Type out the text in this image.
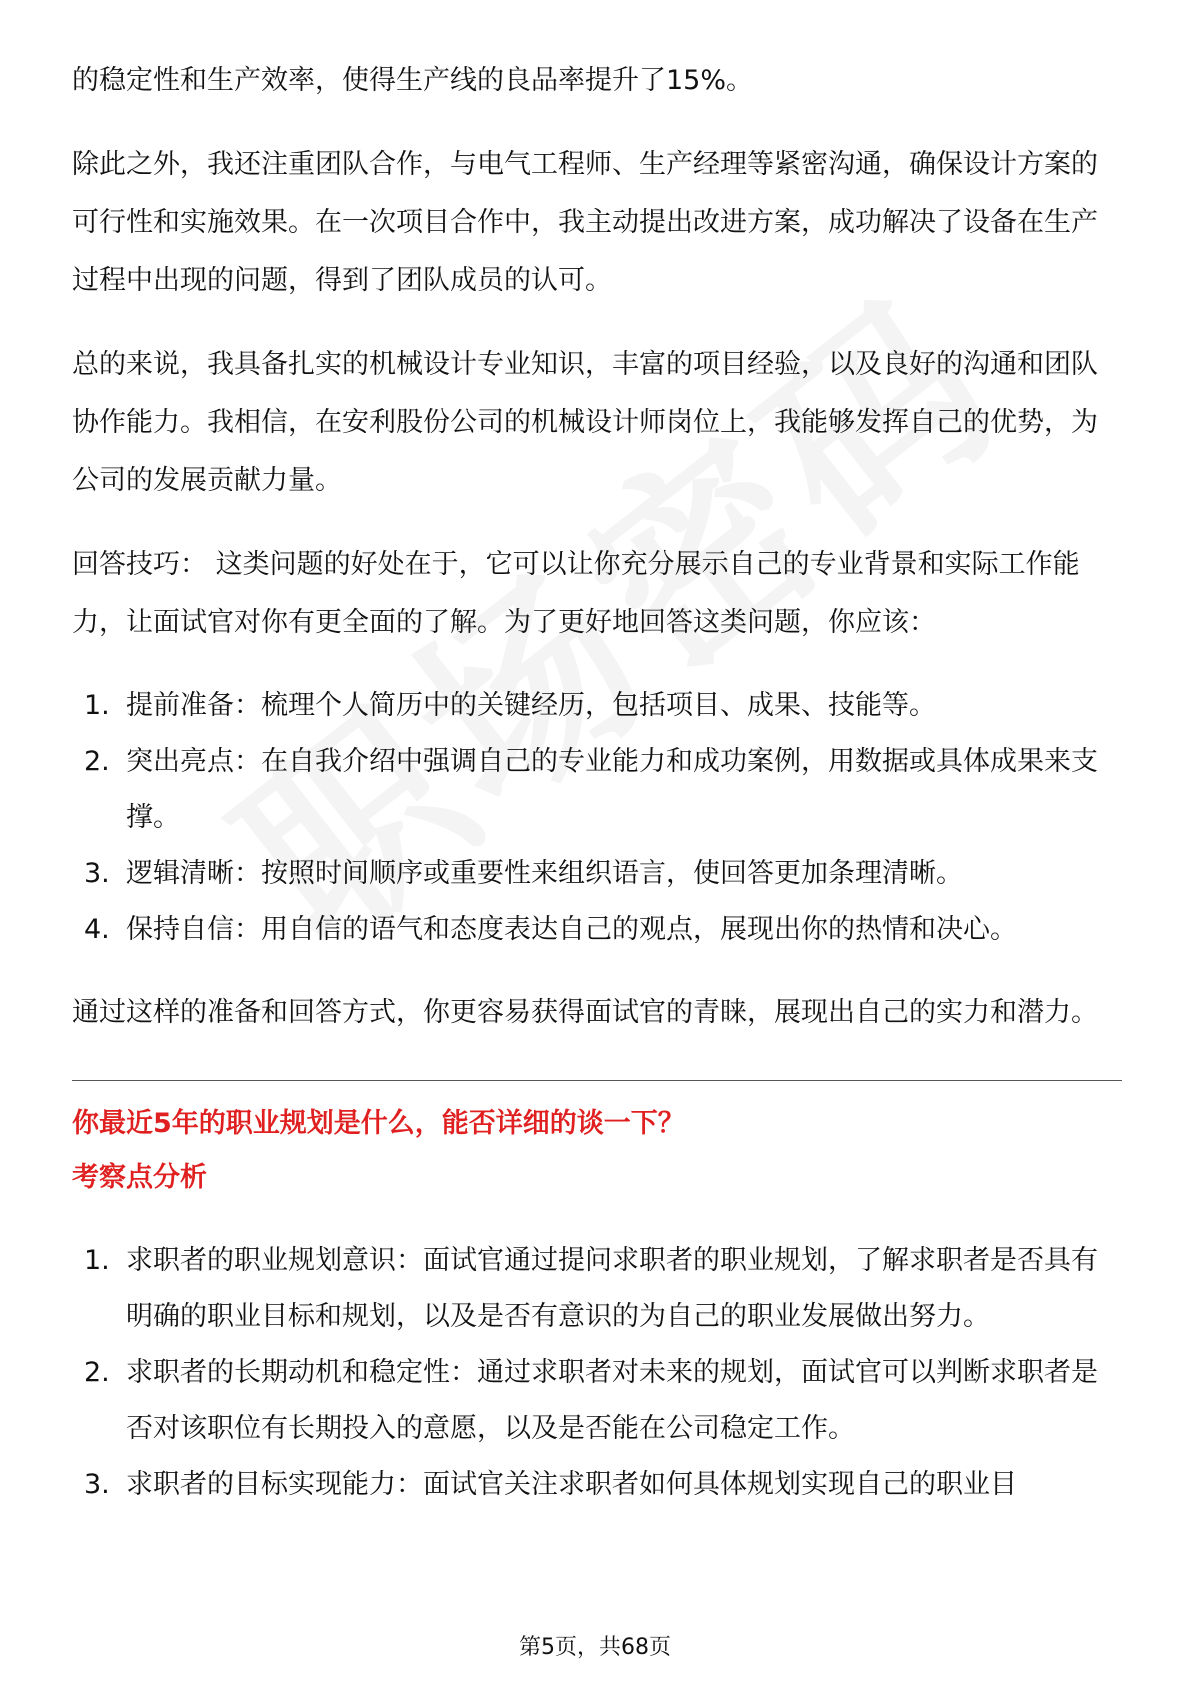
的稳定性和生产效率，使得生产线的良品率提升了15%。

除此之外，我还注重团队合作，与电气工程师、生产经理等紧密沟通，确保设计方案的可行性和实施效果。在一次项目合作中，我主动提出改进方案，成功解决了设备在生产过程中出现的问题，得到了团队成员的认可。

总的来说，我具备扎实的机械设计专业知识，丰富的项目经验，以及良好的沟通和团队协作能力。我相信，在安利股份公司的机械设计师岗位上，我能够发挥自己的优势，为公司的发展贡献力量。

回答技巧： 这类问题的好处在于，它可以让你充分展示自己的专业背景和实际工作能力，让面试官对你有更全面的了解。为了更好地回答这类问题，你应该：

1. 提前准备：梳理个人简历中的关键经历，包括项目、成果、技能等。
2. 突出亮点：在自我介绍中强调自己的专业能力和成功案例，用数据或具体成果来支撑。
3. 逻辑清晰：按照时间顺序或重要性来组织语言，使回答更加条理清晰。
4. 保持自信：用自信的语气和态度表达自己的观点，展现出你的热情和决心。

通过这样的准备和回答方式，你更容易获得面试官的青睐，展现出自己的实力和潜力。

你最近5年的职业规划是什么，能否详细的谈一下？

考察点分析

1. 求职者的职业规划意识：面试官通过提问求职者的职业规划，了解求职者是否具有明确的职业目标和规划，以及是否有意识的为自己的职业发展做出努力。
2. 求职者的长期动机和稳定性：通过求职者对未来的规划，面试官可以判断求职者是否对该职位有长期投入的意愿，以及是否能在公司稳定工作。
3. 求职者的目标实现能力：面试官关注求职者如何具体规划实现自己的职业目
第5页，共68页
